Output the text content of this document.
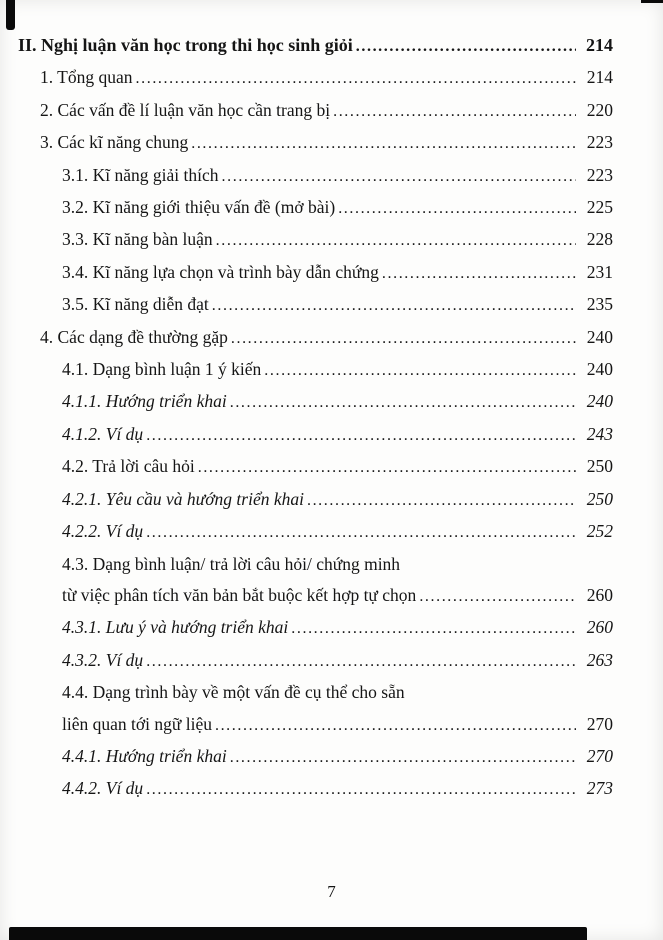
II. Nghị luận văn học trong thi học sinh giỏi .....	214
1. Tổng quan .....	214
2. Các vấn đề lí luận văn học cần trang bị .....	220
3. Các kĩ năng chung .....	223
3.1. Kĩ năng giải thích .....	223
3.2. Kĩ năng giới thiệu vấn đề (mở bài) .....	225
3.3. Kĩ năng bàn luận .....	228
3.4. Kĩ năng lựa chọn và trình bày dẫn chứng .....	231
3.5. Kĩ năng diễn đạt .....	235
4. Các dạng đề thường gặp .....	240
4.1. Dạng bình luận 1 ý kiến .....	240
4.1.1. Hướng triển khai .....	240
4.1.2. Ví dụ .....	243
4.2. Trả lời câu hỏi .....	250
4.2.1. Yêu cầu và hướng triển khai .....	250
4.2.2. Ví dụ .....	252
4.3. Dạng bình luận/ trả lời câu hỏi/ chứng minh
từ việc phân tích văn bản bắt buộc kết hợp tự chọn .....	260
4.3.1. Lưu ý và hướng triển khai .....	260
4.3.2. Ví dụ .....	263
4.4. Dạng trình bày về một vấn đề cụ thể cho sẵn
liên quan tới ngữ liệu .....	270
4.4.1. Hướng triển khai .....	270
4.4.2. Ví dụ .....	273
7
